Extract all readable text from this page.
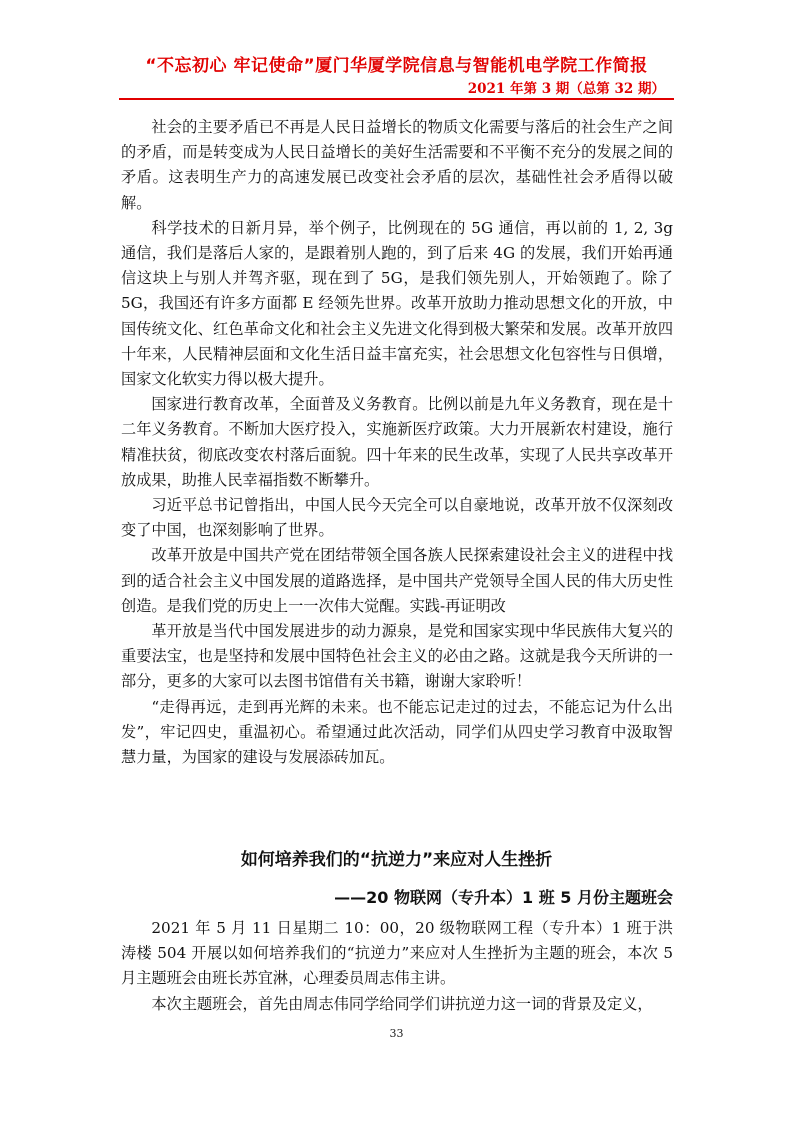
“不忘初心 牢记使命”厦门华厦学院信息与智能机电学院工作简报
2021 年第 3 期（总第 32 期）

社会的主要矛盾已不再是人民日益增长的物质文化需要与落后的社会生产之间的矛盾，而是转变成为人民日益增长的美好生活需要和不平衡不充分的发展之间的矛盾。这表明生产力的高速发展已改变社会矛盾的层次，基础性社会矛盾得以破解。

科学技术的日新月异，举个例子，比例现在的 5G 通信，再以前的 1, 2, 3g 通信，我们是落后人家的，是跟着别人跑的，到了后来 4G 的发展，我们开始再通信这块上与别人并驾齐驱，现在到了 5G，是我们领先别人，开始领跑了。除了 5G，我国还有许多方面都 E 经领先世界。改革开放助力推动思想文化的开放，中国传统文化、红色革命文化和社会主义先进文化得到极大繁荣和发展。改革开放四十年来，人民精神层面和文化生活日益丰富充实，社会思想文化包容性与日俱增，国家文化软实力得以极大提升。

国家进行教育改革，全面普及义务教育。比例以前是九年义务教育，现在是十二年义务教育。不断加大医疗投入，实施新医疗政策。大力开展新农村建设，施行精准扶贫，彻底改变农村落后面貌。四十年来的民生改革，实现了人民共享改革开放成果，助推人民幸福指数不断攀升。

习近平总书记曾指出，中国人民今天完全可以自豪地说，改革开放不仅深刻改变了中国，也深刻影响了世界。

改革开放是中国共产党在团结带领全国各族人民探索建设社会主义的进程中找到的适合社会主义中国发展的道路选择，是中国共产党领导全国人民的伟大历史性创造。是我们党的历史上一一次伟大觉醒。实践-再证明改

革开放是当代中国发展进步的动力源泉，是党和国家实现中华民族伟大复兴的重要法宝，也是坚持和发展中国特色社会主义的必由之路。这就是我今天所讲的一部分，更多的大家可以去图书馆借有关书籍，谢谢大家聆听！

“走得再远，走到再光辉的未来。也不能忘记走过的过去，不能忘记为什么出发”，牢记四史，重温初心。希望通过此次活动，同学们从四史学习教育中汲取智慧力量，为国家的建设与发展添砖加瓦。

如何培养我们的“抗逆力”来应对人生挫折
——20 物联网（专升本）1 班 5 月份主题班会

2021 年 5 月 11 日星期二 10：00，20 级物联网工程（专升本）1 班于洪涛楼 504 开展以如何培养我们的“抗逆力”来应对人生挫折为主题的班会，本次 5 月主题班会由班长苏宜淋，心理委员周志伟主讲。

本次主题班会，首先由周志伟同学给同学们讲抗逆力这一词的背景及定义，

33
